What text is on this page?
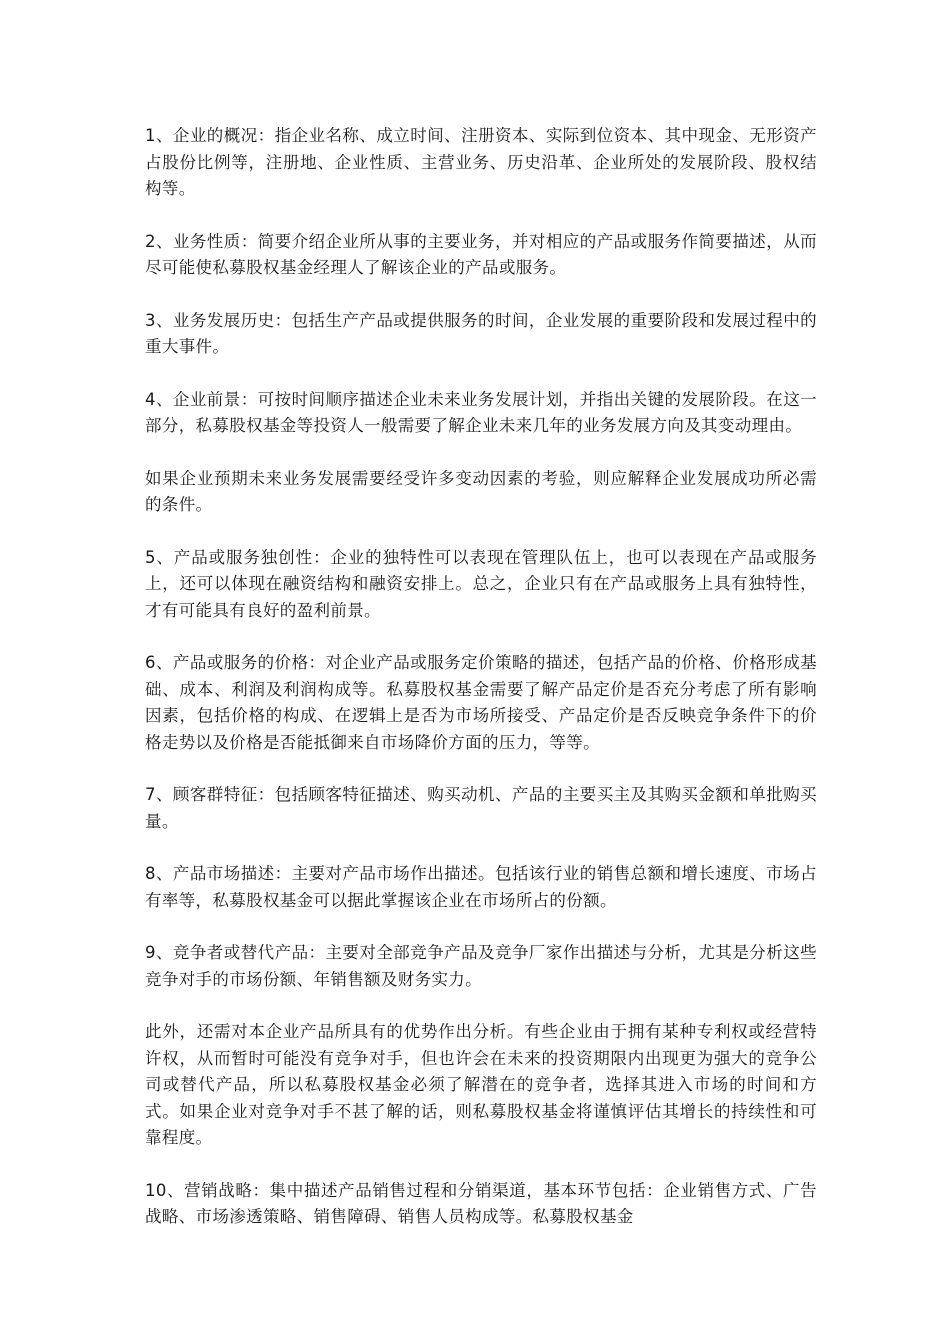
1、企业的概况：指企业名称、成立时间、注册资本、实际到位资本、其中现金、无形资产占股份比例等，注册地、企业性质、主营业务、历史沿革、企业所处的发展阶段、股权结构等。

2、业务性质：简要介绍企业所从事的主要业务，并对相应的产品或服务作简要描述，从而尽可能使私募股权基金经理人了解该企业的产品或服务。

3、业务发展历史：包括生产产品或提供服务的时间，企业发展的重要阶段和发展过程中的重大事件。

4、企业前景：可按时间顺序描述企业未来业务发展计划，并指出关键的发展阶段。在这一部分，私募股权基金等投资人一般需要了解企业未来几年的业务发展方向及其变动理由。

如果企业预期未来业务发展需要经受许多变动因素的考验，则应解释企业发展成功所必需的条件。

5、产品或服务独创性：企业的独特性可以表现在管理队伍上，也可以表现在产品或服务上，还可以体现在融资结构和融资安排上。总之，企业只有在产品或服务上具有独特性，才有可能具有良好的盈利前景。

6、产品或服务的价格：对企业产品或服务定价策略的描述，包括产品的价格、价格形成基础、成本、利润及利润构成等。私募股权基金需要了解产品定价是否充分考虑了所有影响因素，包括价格的构成、在逻辑上是否为市场所接受、产品定价是否反映竞争条件下的价格走势以及价格是否能抵御来自市场降价方面的压力，等等。

7、顾客群特征：包括顾客特征描述、购买动机、产品的主要买主及其购买金额和单批购买量。

8、产品市场描述：主要对产品市场作出描述。包括该行业的销售总额和增长速度、市场占有率等，私募股权基金可以据此掌握该企业在市场所占的份额。

9、竞争者或替代产品：主要对全部竞争产品及竞争厂家作出描述与分析，尤其是分析这些竞争对手的市场份额、年销售额及财务实力。

此外，还需对本企业产品所具有的优势作出分析。有些企业由于拥有某种专利权或经营特许权，从而暂时可能没有竞争对手，但也许会在未来的投资期限内出现更为强大的竞争公司或替代产品，所以私募股权基金必须了解潜在的竞争者，选择其进入市场的时间和方式。如果企业对竞争对手不甚了解的话，则私募股权基金将谨慎评估其增长的持续性和可靠程度。

10、营销战略：集中描述产品销售过程和分销渠道，基本环节包括：企业销售方式、广告战略、市场渗透策略、销售障碍、销售人员构成等。私募股权基金
